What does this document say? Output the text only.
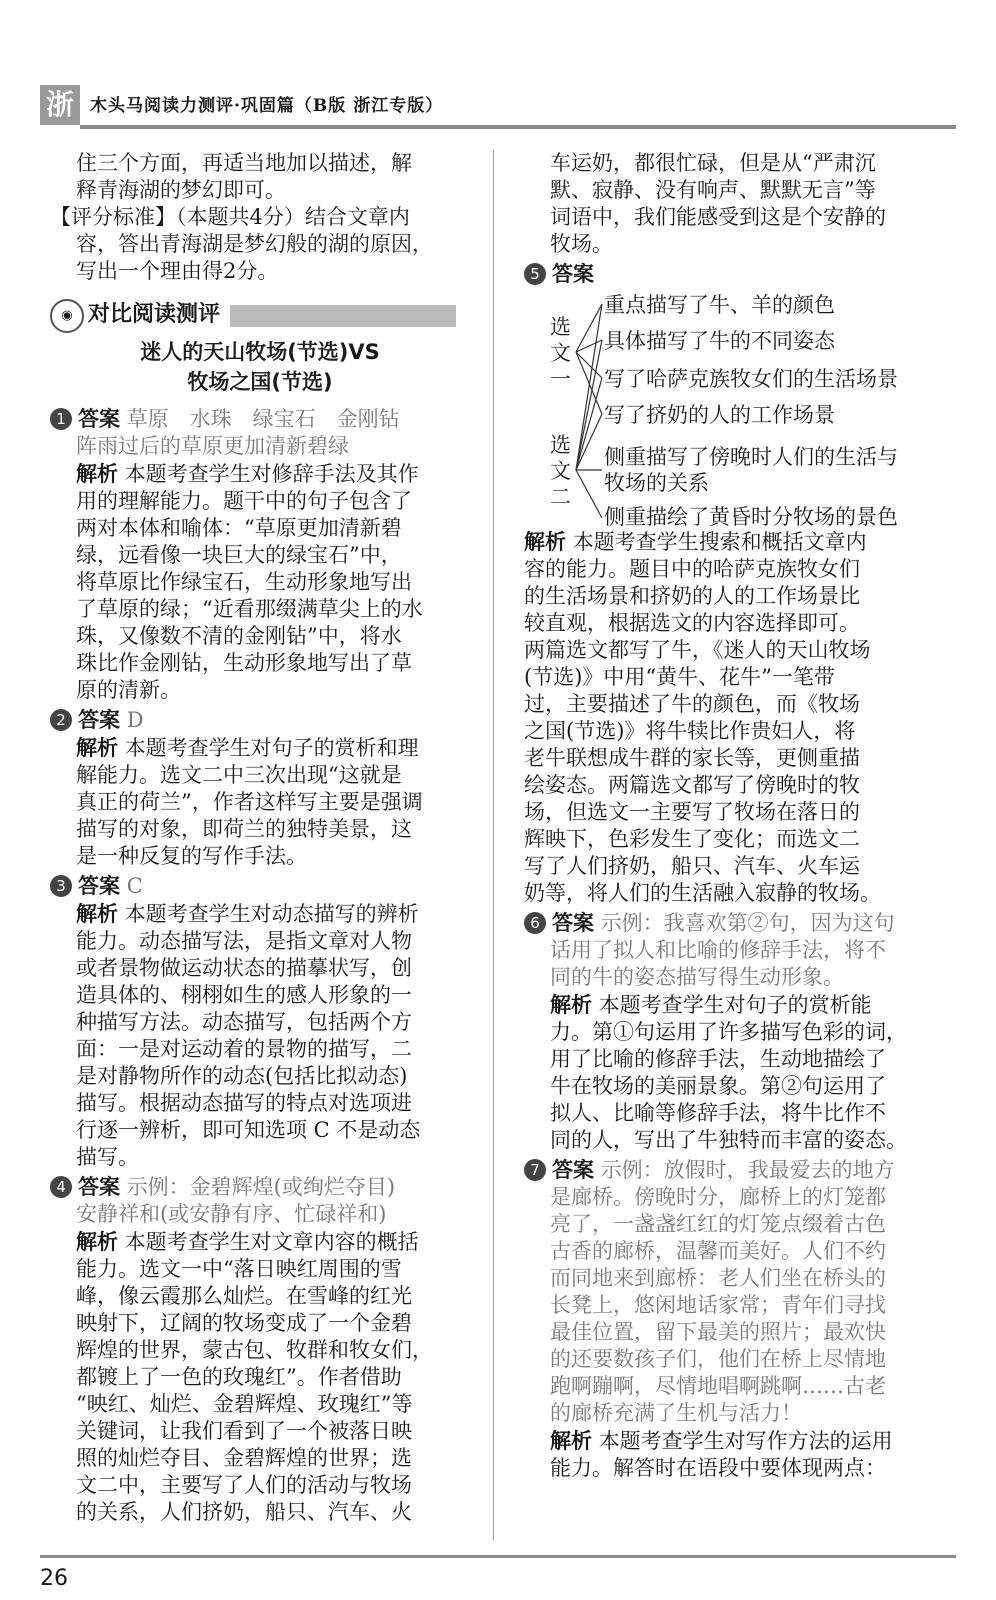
浙 木头马阅读力测评·巩固篇（B版 浙江专版）

住三个方面，再适当地加以描述，解

释青海湖的梦幻即可。

【评分标准】（本题共4分）结合文章内

容，答出青海湖是梦幻般的湖的原因，

写出一个理由得2分。

◉ 对比阅读测评
迷人的天山牧场(节选)VS
牧场之国(节选)

1 答案 草原　水珠　绿宝石　金刚钻

阵雨过后的草原更加清新碧绿

解析 本题考查学生对修辞手法及其作

用的理解能力。题干中的句子包含了

两对本体和喻体：“草原更加清新碧

绿，远看像一块巨大的绿宝石”中，

将草原比作绿宝石，生动形象地写出

了草原的绿；“近看那缀满草尖上的水

珠，又像数不清的金刚钻”中，将水

珠比作金刚钻，生动形象地写出了草

原的清新。

2 答案 D

解析 本题考查学生对句子的赏析和理

解能力。选文二中三次出现“这就是

真正的荷兰”，作者这样写主要是强调

描写的对象，即荷兰的独特美景，这

是一种反复的写作手法。

3 答案 C

解析 本题考查学生对动态描写的辨析

能力。动态描写法，是指文章对人物

或者景物做运动状态的描摹状写，创

造具体的、栩栩如生的感人形象的一

种描写方法。动态描写，包括两个方

面：一是对运动着的景物的描写，二

是对静物所作的动态(包括比拟动态)

描写。根据动态描写的特点对选项进

行逐一辨析，即可知选项 C 不是动态

描写。

4 答案 示例：金碧辉煌(或绚烂夺目)

安静祥和(或安静有序、忙碌祥和)

解析 本题考查学生对文章内容的概括

能力。选文一中“落日映红周围的雪

峰，像云霞那么灿烂。在雪峰的红光

映射下，辽阔的牧场变成了一个金碧

辉煌的世界，蒙古包、牧群和牧女们，

都镀上了一色的玫瑰红”。作者借助

“映红、灿烂、金碧辉煌、玫瑰红”等

关键词，让我们看到了一个被落日映

照的灿烂夺目、金碧辉煌的世界；选

文二中，主要写了人们的活动与牧场

的关系，人们挤奶，船只、汽车、火

车运奶，都很忙碌，但是从“严肃沉

默、寂静、没有响声、默默无言”等

词语中，我们能感受到这是个安静的

牧场。

5 答案

选文一
选文二
重点描写了牛、羊的颜色
具体描写了牛的不同姿态
写了哈萨克族牧女们的生活场景
写了挤奶的人的工作场景
侧重描写了傍晚时人们的生活与
牧场的关系
侧重描绘了黄昏时分牧场的景色

解析 本题考查学生搜索和概括文章内

容的能力。题目中的哈萨克族牧女们

的生活场景和挤奶的人的工作场景比

较直观，根据选文的内容选择即可。

两篇选文都写了牛，《迷人的天山牧场

(节选)》中用“黄牛、花牛”一笔带

过，主要描述了牛的颜色，而《牧场

之国(节选)》将牛犊比作贵妇人，将

老牛联想成牛群的家长等，更侧重描

绘姿态。两篇选文都写了傍晚时的牧

场，但选文一主要写了牧场在落日的

辉映下，色彩发生了变化；而选文二

写了人们挤奶，船只、汽车、火车运

奶等，将人们的生活融入寂静的牧场。

6 答案 示例：我喜欢第②句，因为这句

话用了拟人和比喻的修辞手法，将不

同的牛的姿态描写得生动形象。

解析 本题考查学生对句子的赏析能

力。第①句运用了许多描写色彩的词，

用了比喻的修辞手法，生动地描绘了

牛在牧场的美丽景象。第②句运用了

拟人、比喻等修辞手法，将牛比作不

同的人，写出了牛独特而丰富的姿态。

7 答案 示例：放假时，我最爱去的地方

是廊桥。傍晚时分，廊桥上的灯笼都

亮了，一盏盏红红的灯笼点缀着古色

古香的廊桥，温馨而美好。人们不约

而同地来到廊桥：老人们坐在桥头的

长凳上，悠闲地话家常；青年们寻找

最佳位置，留下最美的照片；最欢快

的还要数孩子们，他们在桥上尽情地

跑啊蹦啊，尽情地唱啊跳啊……古老

的廊桥充满了生机与活力！

解析 本题考查学生对写作方法的运用

能力。解答时在语段中要体现两点：

26
